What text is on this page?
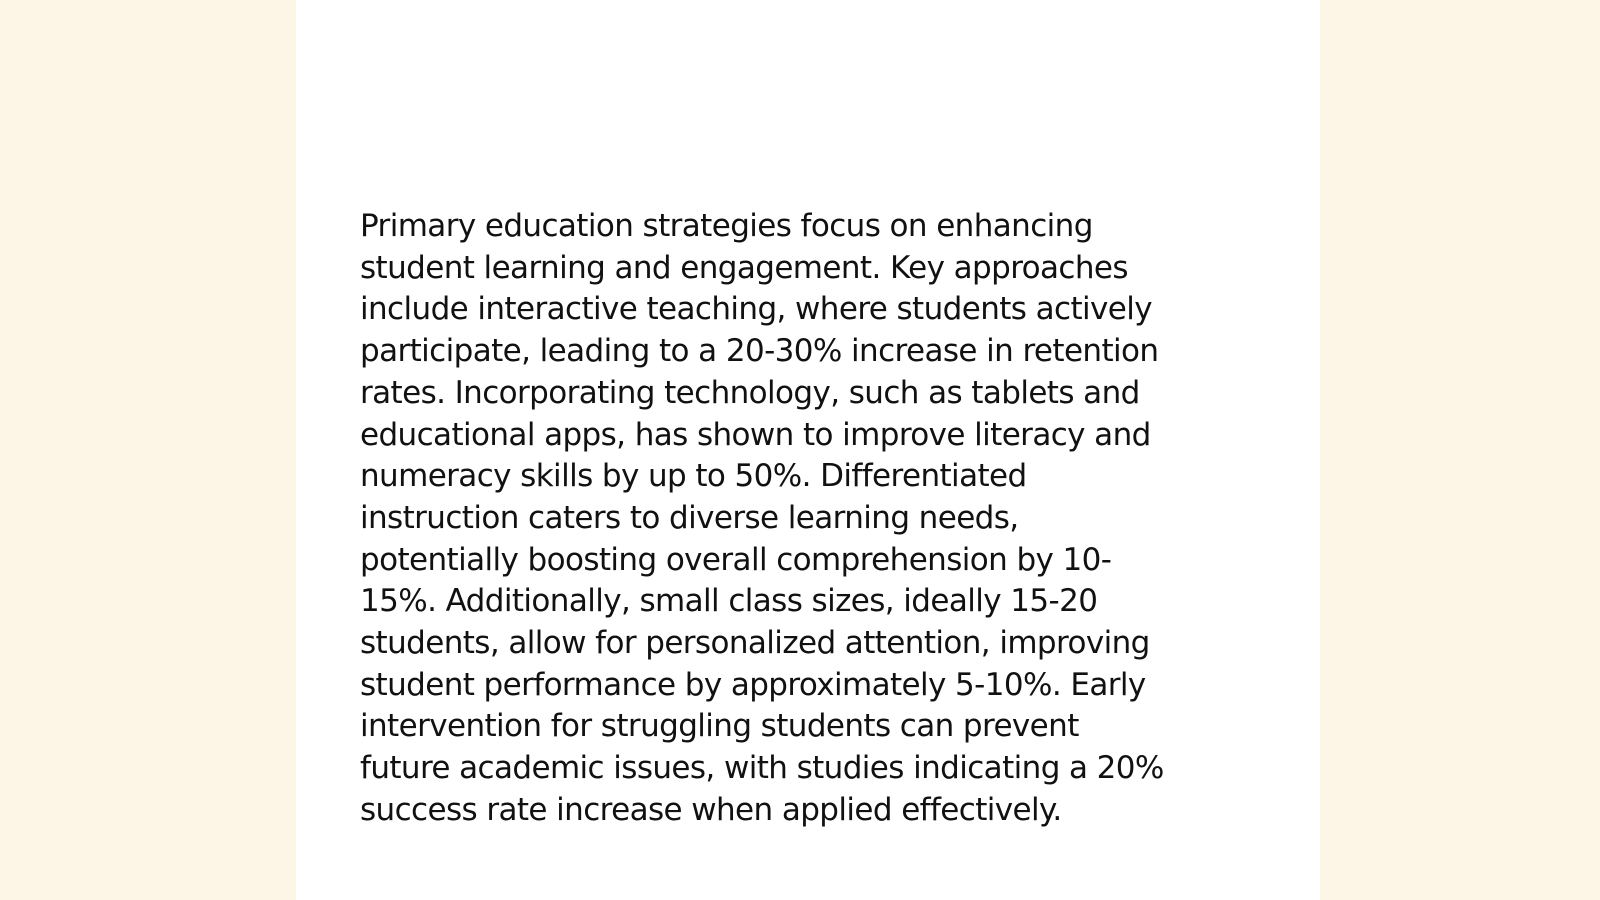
Primary education strategies focus on enhancing
student learning and engagement. Key approaches
include interactive teaching, where students actively
participate, leading to a 20-30% increase in retention
rates. Incorporating technology, such as tablets and
educational apps, has shown to improve literacy and
numeracy skills by up to 50%. Differentiated
instruction caters to diverse learning needs,
potentially boosting overall comprehension by 10-
15%. Additionally, small class sizes, ideally 15-20
students, allow for personalized attention, improving
student performance by approximately 5-10%. Early
intervention for struggling students can prevent
future academic issues, with studies indicating a 20%
success rate increase when applied effectively.
